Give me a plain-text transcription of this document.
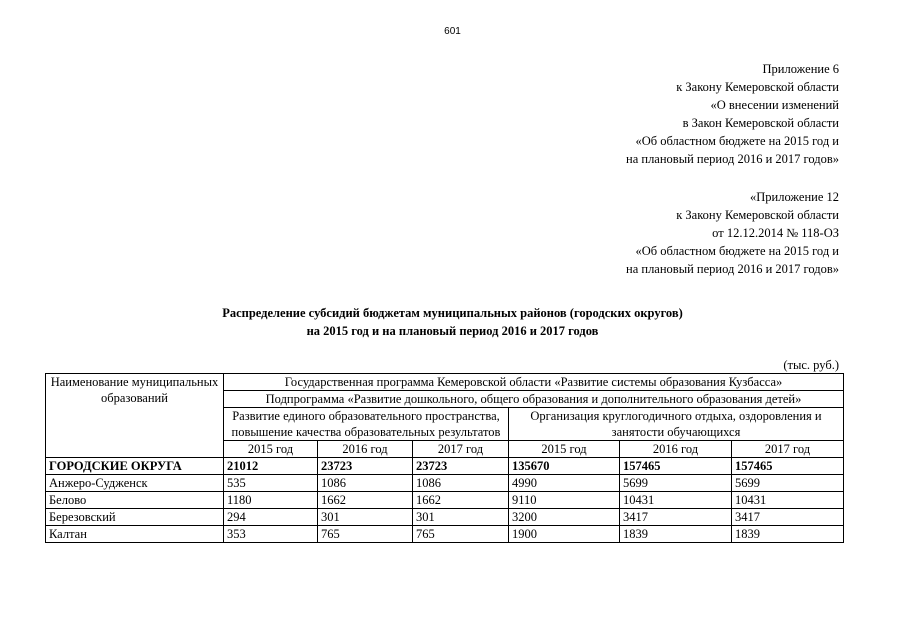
601
Приложение 6
к Закону Кемеровской области
«О внесении изменений
в Закон Кемеровской области
«Об областном бюджете на 2015 год и
на плановый период 2016 и 2017 годов»
«Приложение 12
к Закону Кемеровской области
от 12.12.2014 № 118-ОЗ
«Об областном бюджете на 2015 год и
на плановый период 2016 и 2017 годов»
Распределение субсидий бюджетам муниципальных районов (городских округов)
на 2015 год и на плановый период 2016 и 2017 годов
(тыс. руб.)
Наименование муниципальных образований	Государственная программа Кемеровской области «Развитие системы образования Кузбасса»					
	Подпрограмма «Развитие дошкольного, общего образования и дополнительного образования детей»					
	Развитие единого образовательного пространства, повышение качества образовательных результатов			Организация круглогодичного отдыха, оздоровления и занятости обучающихся		
	2015 год	2016 год	2017 год	2015 год	2016 год	2017 год
ГОРОДСКИЕ ОКРУГА	21012	23723	23723	135670	157465	157465
Анжеро-Судженск	535	1086	1086	4990	5699	5699
Белово	1180	1662	1662	9110	10431	10431
Березовский	294	301	301	3200	3417	3417
Калтан	353	765	765	1900	1839	1839
